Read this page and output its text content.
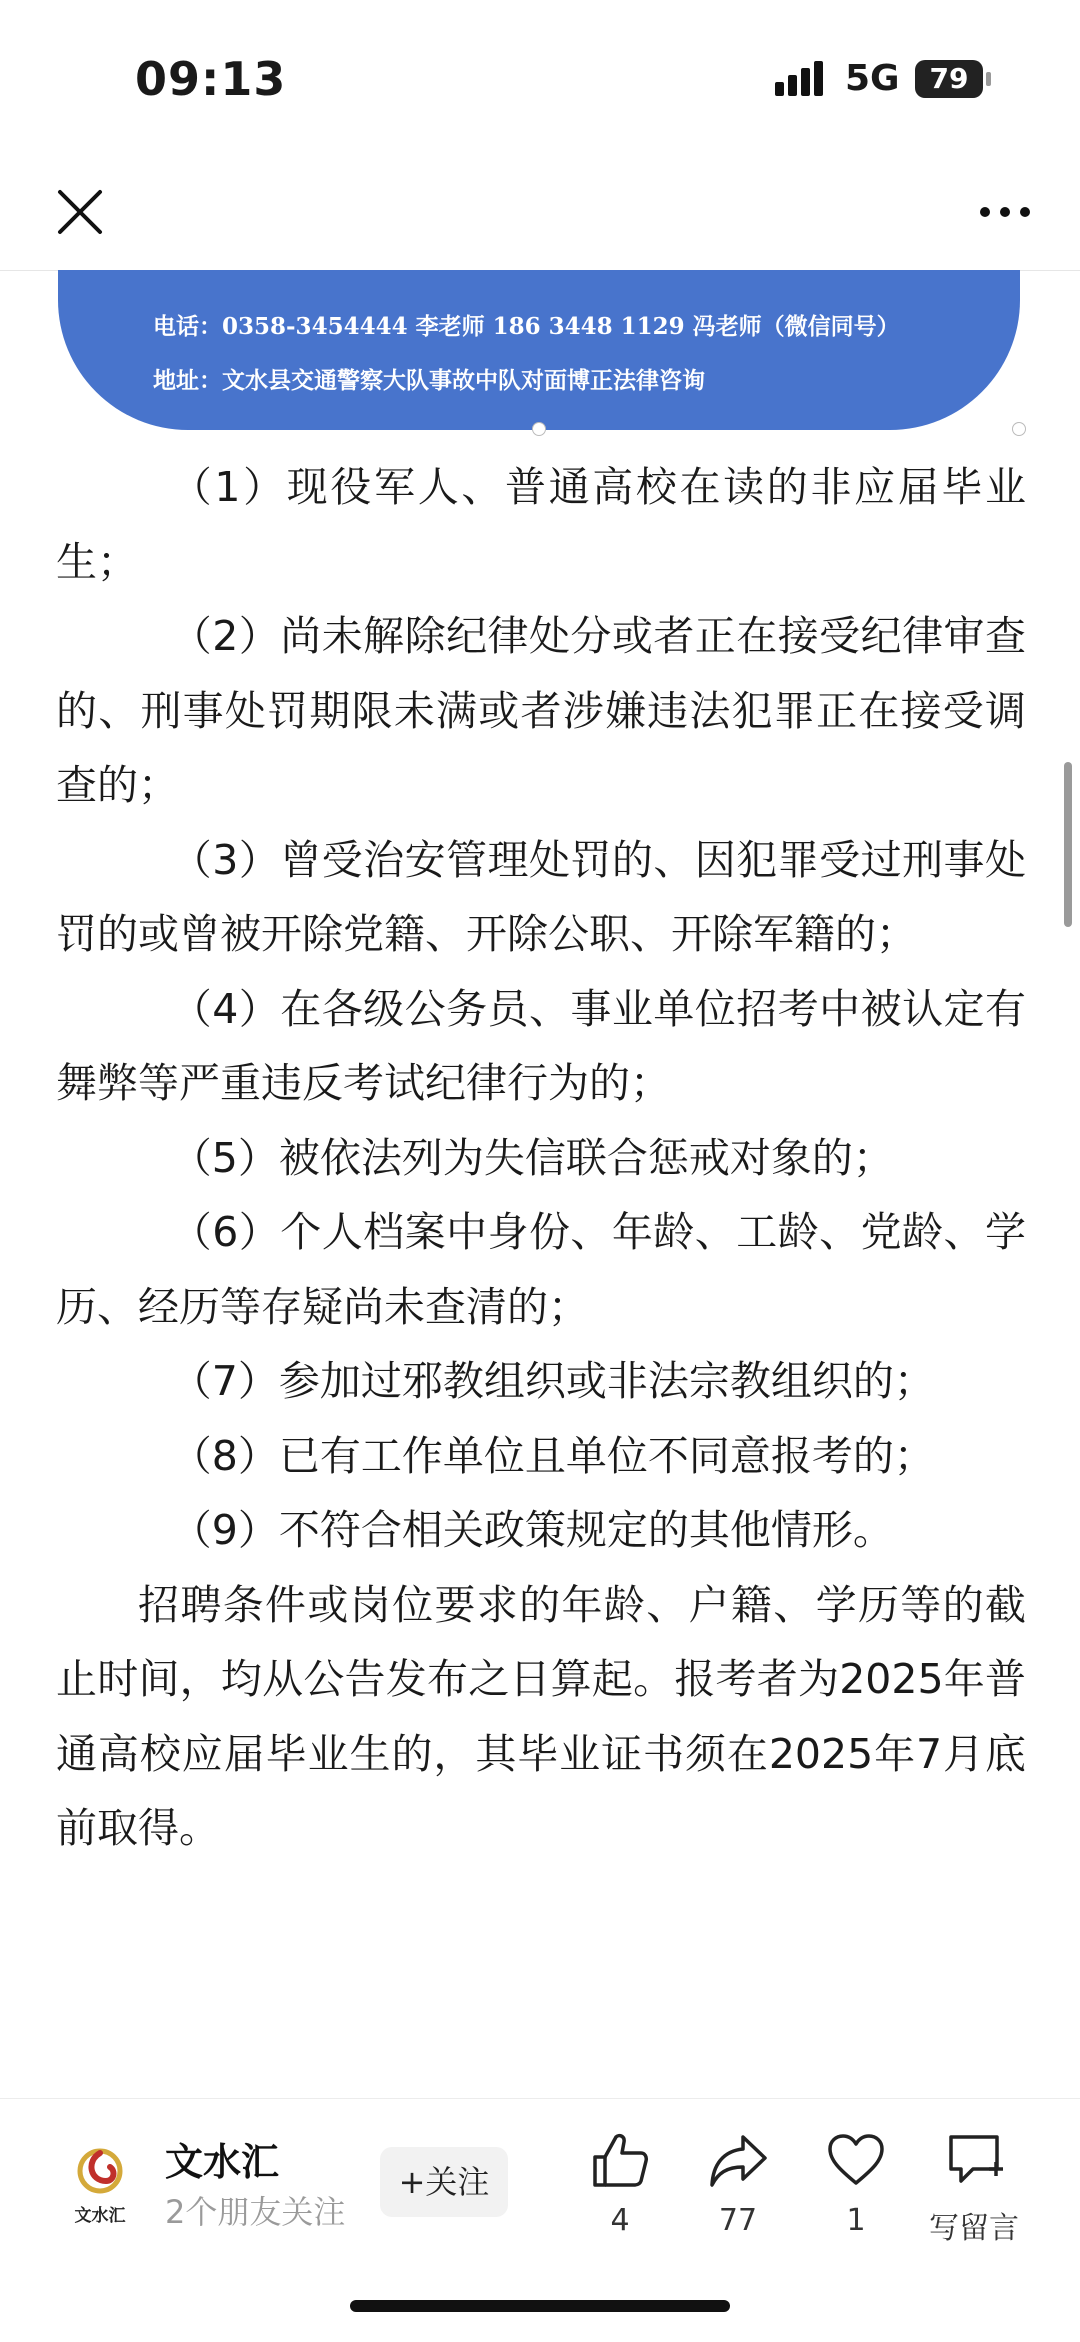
09:13	5G	79
电话：0358-3454444 李老师 186 3448 1129 冯老师（微信同号）
地址：文水县交通警察大队事故中队对面博正法律咨询

（1）现役军人、普通高校在读的非应届毕业生；

（2）尚未解除纪律处分或者正在接受纪律审查的、刑事处罚期限未满或者涉嫌违法犯罪正在接受调查的；

（3）曾受治安管理处罚的、因犯罪受过刑事处罚的或曾被开除党籍、开除公职、开除军籍的；

（4）在各级公务员、事业单位招考中被认定有舞弊等严重违反考试纪律行为的；

（5）被依法列为失信联合惩戒对象的；

（6）个人档案中身份、年龄、工龄、党龄、学历、经历等存疑尚未查清的；

（7）参加过邪教组织或非法宗教组织的；

（8）已有工作单位且单位不同意报考的；

（9）不符合相关政策规定的其他情形。

招聘条件或岗位要求的年龄、户籍、学历等的截止时间，均从公告发布之日算起。报考者为2025年普通高校应届毕业生的，其毕业证书须在2025年7月底前取得。

文水汇
文水汇
2个朋友关注
+关注
4	77	1	写留言
